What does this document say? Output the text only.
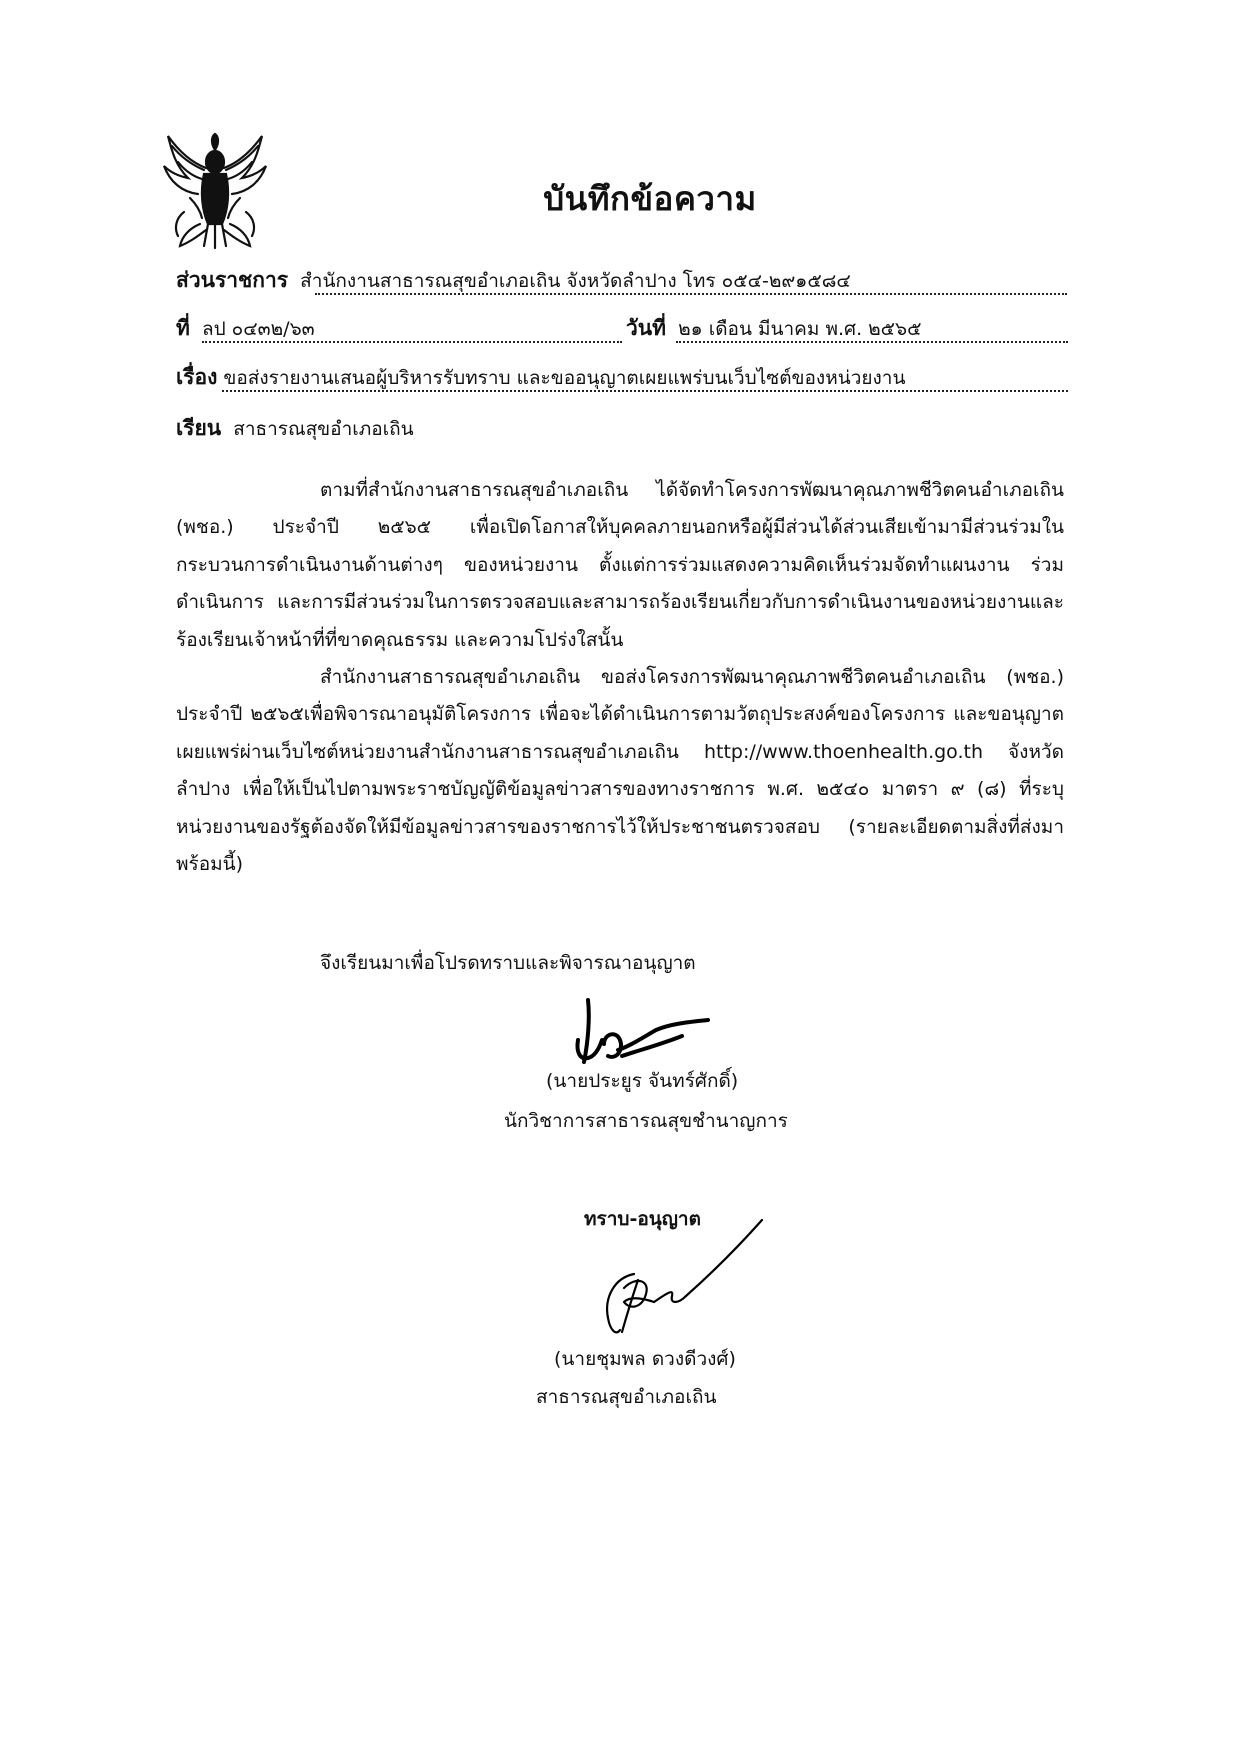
บันทึกข้อความ
ส่วนราชการ สำนักงานสาธารณสุขอำเภอเถิน จังหวัดลำปาง โทร ๐๕๔-๒๙๑๕๘๔
ที่ ลป ๐๔๓๒/๖๓	วันที่ ๒๑ เดือน มีนาคม พ.ศ. ๒๕๖๕
เรื่อง ขอส่งรายงานเสนอผู้บริหารรับทราบ และขออนุญาตเผยแพร่บนเว็บไซต์ของหน่วยงาน
เรียน สาธารณสุขอำเภอเถิน

ตามที่สำนักงานสาธารณสุขอำเภอเถิน ได้จัดทำโครงการพัฒนาคุณภาพชีวิตคนอำเภอเถิน (พชอ.) ประจำปี ๒๕๖๕ เพื่อเปิดโอกาสให้บุคคลภายนอกหรือผู้มีส่วนได้ส่วนเสียเข้ามามีส่วนร่วมในกระบวนการดำเนินงานด้านต่างๆ ของหน่วยงาน ตั้งแต่การร่วมแสดงความคิดเห็นร่วมจัดทำแผนงาน ร่วมดำเนินการ และการมีส่วนร่วมในการตรวจสอบและสามารถร้องเรียนเกี่ยวกับการดำเนินงานของหน่วยงานและร้องเรียนเจ้าหน้าที่ที่ขาดคุณธรรม และความโปร่งใสนั้น

สำนักงานสาธารณสุขอำเภอเถิน ขอส่งโครงการพัฒนาคุณภาพชีวิตคนอำเภอเถิน (พชอ.) ประจำปี ๒๕๖๕เพื่อพิจารณาอนุมัติโครงการ เพื่อจะได้ดำเนินการตามวัตถุประสงค์ของโครงการ และขอนุญาตเผยแพร่ผ่านเว็บไซต์หน่วยงานสำนักงานสาธารณสุขอำเภอเถิน http://www.thoenhealth.go.th จังหวัดลำปาง เพื่อให้เป็นไปตามพระราชบัญญัติข้อมูลข่าวสารของทางราชการ พ.ศ. ๒๕๔๐ มาตรา ๙ (๘) ที่ระบุหน่วยงานของรัฐต้องจัดให้มีข้อมูลข่าวสารของราชการไว้ให้ประชาชนตรวจสอบ (รายละเอียดตามสิ่งที่ส่งมาพร้อมนี้)

จึงเรียนมาเพื่อโปรดทราบและพิจารณาอนุญาต
(นายประยูร จันทร์ศักดิ์)
นักวิชาการสาธารณสุขชำนาญการ
ทราบ-อนุญาต
(นายชุมพล ดวงดีวงศ์)
สาธารณสุขอำเภอเถิน
